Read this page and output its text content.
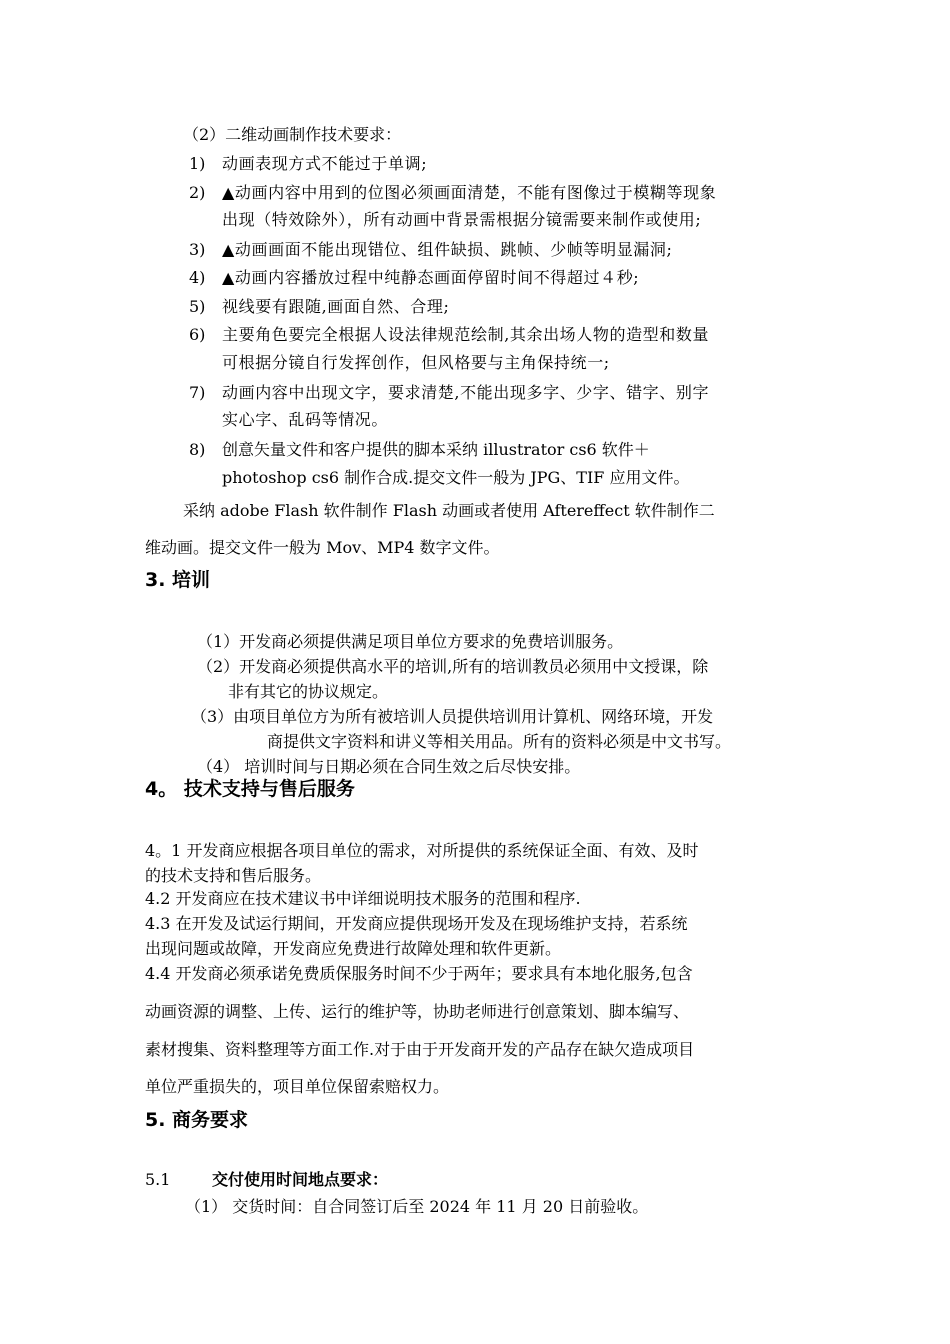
（2）二维动画制作技术要求：
1) 动画表现方式不能过于单调;
2) ▲动画内容中用到的位图必须画面清楚，不能有图像过于模糊等现象
出现（特效除外），所有动画中背景需根据分镜需要来制作或使用;
3) ▲动画画面不能出现错位、组件缺损、跳帧、少帧等明显漏洞;
4) ▲动画内容播放过程中纯静态画面停留时间不得超过４秒;
5) 视线要有跟随,画面自然、合理;
6) 主要角色要完全根据人设法律规范绘制,其余出场人物的造型和数量
可根据分镜自行发挥创作，但风格要与主角保持统一;
7) 动画内容中出现文字，要求清楚,不能出现多字、少字、错字、别字
实心字、乱码等情况。
8) 创意矢量文件和客户提供的脚本采纳 illustrator cs6 软件＋
photoshop cs6 制作合成.提交文件一般为 JPG、TIF 应用文件。
采纳 adobe Flash 软件制作 Flash 动画或者使用 Aftereffect 软件制作二
维动画。提交文件一般为 Mov、MP4 数字文件。
3. 培训
（1）开发商必须提供满足项目单位方要求的免费培训服务。
（2）开发商必须提供高水平的培训,所有的培训教员必须用中文授课，除
非有其它的协议规定。
（3）由项目单位方为所有被培训人员提供培训用计算机、网络环境，开发
商提供文字资料和讲义等相关用品。所有的资料必须是中文书写。
（4） 培训时间与日期必须在合同生效之后尽快安排。
4。 技术支持与售后服务
4。1 开发商应根据各项目单位的需求，对所提供的系统保证全面、有效、及时
的技术支持和售后服务。
4.2 开发商应在技术建议书中详细说明技术服务的范围和程序.
4.3 在开发及试运行期间，开发商应提供现场开发及在现场维护支持，若系统
出现问题或故障，开发商应免费进行故障处理和软件更新。
4.4 开发商必须承诺免费质保服务时间不少于两年；要求具有本地化服务,包含
动画资源的调整、上传、运行的维护等，协助老师进行创意策划、脚本编写、
素材搜集、资料整理等方面工作.对于由于开发商开发的产品存在缺欠造成项目
单位严重损失的，项目单位保留索赔权力。
5. 商务要求
5.1	交付使用时间地点要求：
（1） 交货时间：自合同签订后至 2024 年 11 月 20 日前验收。
